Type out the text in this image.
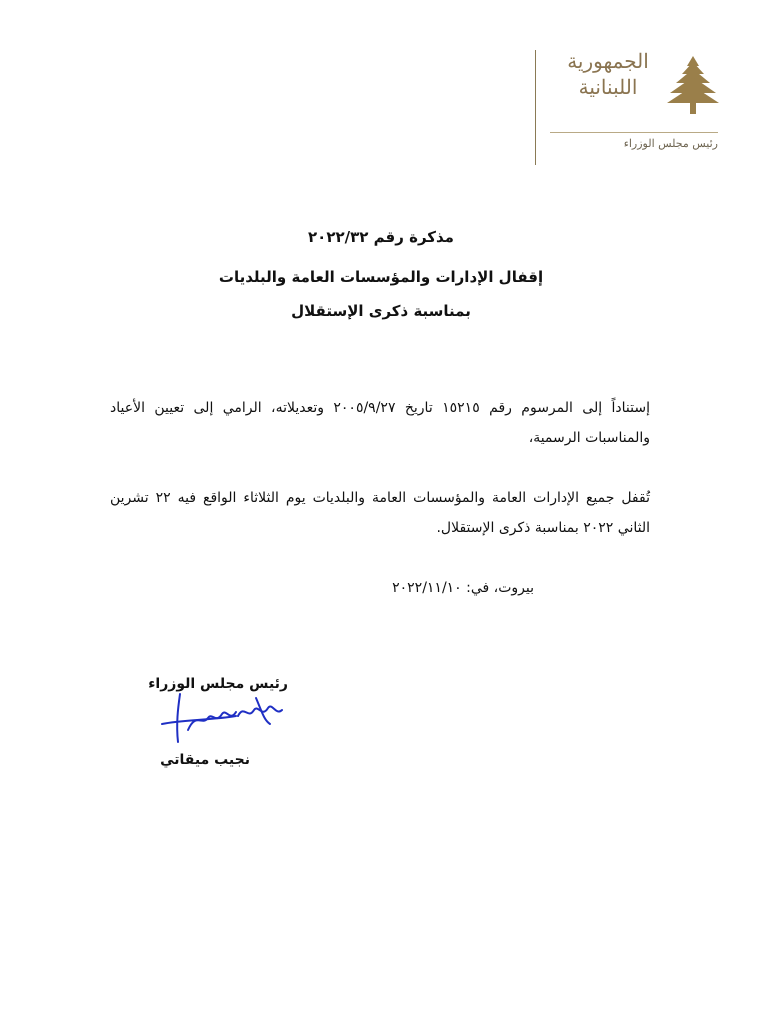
الجمهورية
اللبنانية
رئيس مجلس الوزراء
مذكرة رقم ٢٠٢٢/٣٢
إقفال الإدارات والمؤسسات العامة والبلديات
بمناسبة ذكرى الإستقلال
إستناداً إلى المرسوم رقم ١٥٢١٥ تاريخ ٢٠٠٥/٩/٢٧ وتعديلاته، الرامي إلى تعيين الأعياد والمناسبات الرسمية،
تُقفل جميع الإدارات العامة والمؤسسات العامة والبلديات يوم الثلاثاء الواقع فيه ٢٢ تشرين الثاني ٢٠٢٢ بمناسبة ذكرى الإستقلال.
بيروت، في: ٢٠٢٢/١١/١٠
رئيس مجلس الوزراء
نجيب ميقاتي
